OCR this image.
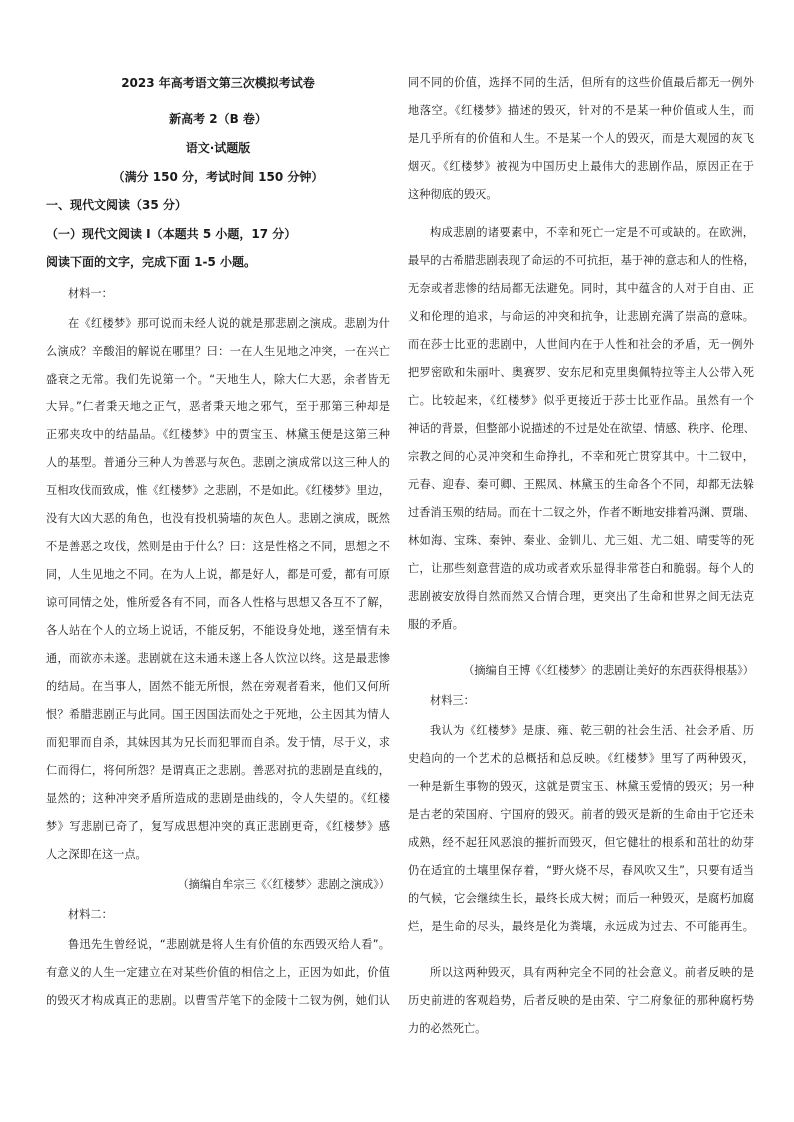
2023 年高考语文第三次模拟考试卷

新高考 2（B 卷）

语文·试题版

（满分 150 分，考试时间 150 分钟）

一、现代文阅读（35 分）

（一）现代文阅读 I（本题共 5 小题，17 分）

阅读下面的文字，完成下面 1-5 小题。

材料一：

在《红楼梦》那可说而未经人说的就是那悲剧之演成。悲剧为什

么演成？辛酸泪的解说在哪里？曰：一在人生见地之冲突，一在兴亡

盛衰之无常。我们先说第一个。“天地生人，除大仁大恶，余者皆无

大异。”仁者秉天地之正气，恶者秉天地之邪气，至于那第三种却是

正邪夹攻中的结晶品。《红楼梦》中的贾宝玉、林黛玉便是这第三种

人的基型。普通分三种人为善恶与灰色。悲剧之演成常以这三种人的

互相攻伐而致成，惟《红楼梦》之悲剧，不是如此。《红楼梦》里边，

没有大凶大恶的角色，也没有投机骑墙的灰色人。悲剧之演成，既然

不是善恶之攻伐，然则是由于什么？曰：这是性格之不同，思想之不

同，人生见地之不同。在为人上说，都是好人，都是可爱，都有可原

谅可同情之处，惟所爱各有不同，而各人性格与思想又各互不了解，

各人站在个人的立场上说话，不能反躬，不能设身处地，遂至情有未

通，而欲亦未遂。悲剧就在这未通未遂上各人饮泣以终。这是最悲惨

的结局。在当事人，固然不能无所恨，然在旁观者看来，他们又何所

恨？希腊悲剧正与此同。国王因国法而处之于死地，公主因其为情人

而犯罪而自杀，其妹因其为兄长而犯罪而自杀。发于情，尽于义，求

仁而得仁，将何所怨？是谓真正之悲剧。善恶对抗的悲剧是直线的，

显然的；这种冲突矛盾所造成的悲剧是曲线的，令人失望的。《红楼

梦》写悲剧已奇了，复写成思想冲突的真正悲剧更奇，《红楼梦》感

人之深即在这一点。

（摘编自牟宗三《〈红楼梦〉悲剧之演成》）

材料二：

鲁迅先生曾经说，“悲剧就是将人生有价值的东西毁灭给人看”。

有意义的人生一定建立在对某些价值的相信之上，正因为如此，价值

的毁灭才构成真正的悲剧。以曹雪芹笔下的金陵十二钗为例，她们认

同不同的价值，选择不同的生活，但所有的这些价值最后都无一例外

地落空。《红楼梦》描述的毁灭，针对的不是某一种价值或人生，而

是几乎所有的价值和人生。不是某一个人的毁灭，而是大观园的灰飞

烟灭。《红楼梦》被视为中国历史上最伟大的悲剧作品，原因正在于

这种彻底的毁灭。

构成悲剧的诸要素中，不幸和死亡一定是不可或缺的。在欧洲，

最早的古希腊悲剧表现了命运的不可抗拒，基于神的意志和人的性格，

无奈或者悲惨的结局都无法避免。同时，其中蕴含的人对于自由、正

义和伦理的追求，与命运的冲突和抗争，让悲剧充满了崇高的意味。

而在莎士比亚的悲剧中，人世间内在于人性和社会的矛盾，无一例外

把罗密欧和朱丽叶、奥赛罗、安东尼和克里奥佩特拉等主人公带入死

亡。比较起来，《红楼梦》似乎更接近于莎士比亚作品。虽然有一个

神话的背景，但整部小说描述的不过是处在欲望、情感、秩序、伦理、

宗教之间的心灵冲突和生命挣扎，不幸和死亡贯穿其中。十二钗中，

元春、迎春、秦可卿、王熙凤、林黛玉的生命各个不同，却都无法躲

过香消玉殒的结局。而在十二钗之外，作者不断地安排着冯渊、贾瑞、

林如海、宝珠、秦钟、秦业、金钏儿、尤三姐、尤二姐、晴雯等的死

亡，让那些刻意营造的成功或者欢乐显得非常苍白和脆弱。每个人的

悲剧被安放得自然而然又合情合理，更突出了生命和世界之间无法克

服的矛盾。

（摘编自王博《〈红楼梦〉的悲剧让美好的东西获得根基》）

材料三：

我认为《红楼梦》是康、雍、乾三朝的社会生活、社会矛盾、历

史趋向的一个艺术的总概括和总反映。《红楼梦》里写了两种毁灭，

一种是新生事物的毁灭，这就是贾宝玉、林黛玉爱情的毁灭；另一种

是古老的荣国府、宁国府的毁灭。前者的毁灭是新的生命由于它还未

成熟，经不起狂风恶浪的摧折而毁灭，但它健壮的根系和茁壮的幼芽

仍在适宜的土壤里保存着，“野火烧不尽，春风吹又生”，只要有适当

的气候，它会继续生长，最终长成大树；而后一种毁灭，是腐朽加腐

烂，是生命的尽头，最终是化为粪壤，永远成为过去、不可能再生。

所以这两种毁灭，具有两种完全不同的社会意义。前者反映的是

历史前进的客观趋势，后者反映的是由荣、宁二府象征的那种腐朽势

力的必然死亡。
